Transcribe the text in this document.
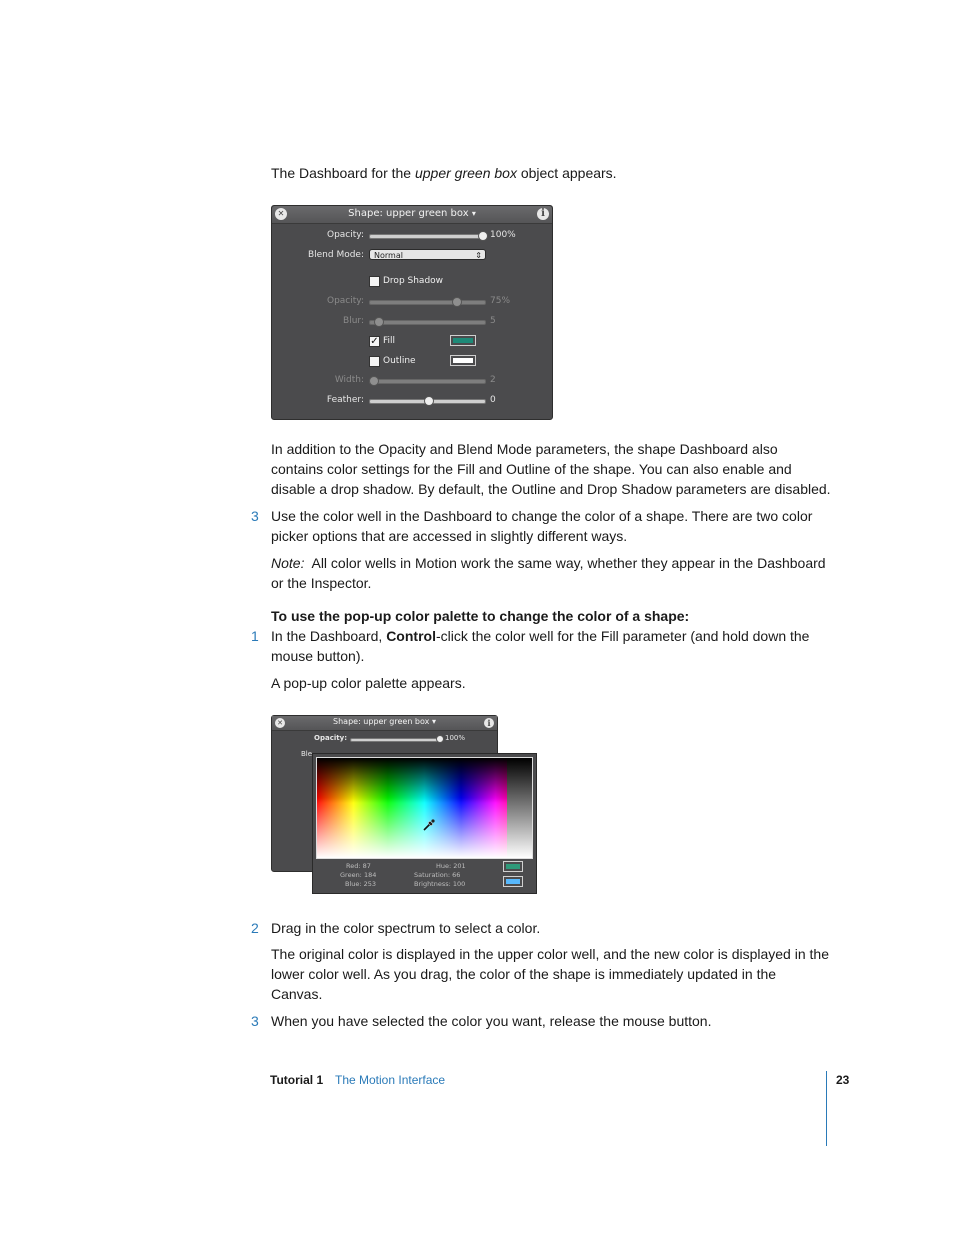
The Dashboard for the upper green box object appears.

✕	Shape: upper green box ▾	i
Opacity:	100%
Blend Mode:	Normal	⇕
Drop Shadow
Opacity:	75%
Blur:	5
✓ Fill
Outline
Width:	2
Feather:	0

In addition to the Opacity and Blend Mode parameters, the shape Dashboard also contains color settings for the Fill and Outline of the shape. You can also enable and disable a drop shadow. By default, the Outline and Drop Shadow parameters are disabled.

3 Use the color well in the Dashboard to change the color of a shape. There are two color picker options that are accessed in slightly different ways.

Note:  All color wells in Motion work the same way, whether they appear in the Dashboard or the Inspector.

To use the pop-up color palette to change the color of a shape:

1 In the Dashboard, Control-click the color well for the Fill parameter (and hold down the mouse button).

A pop-up color palette appears.

✕	Shape: upper green box ▾	i
Opacity:	100%
Ble
Red: 87
Green: 184
Blue: 253
Hue: 201
Saturation: 66
Brightness: 100
2 Drag in the color spectrum to select a color.

The original color is displayed in the upper color well, and the new color is displayed in the lower color well. As you drag, the color of the shape is immediately updated in the Canvas.

3 When you have selected the color you want, release the mouse button.

Tutorial 1 The Motion Interface	23
